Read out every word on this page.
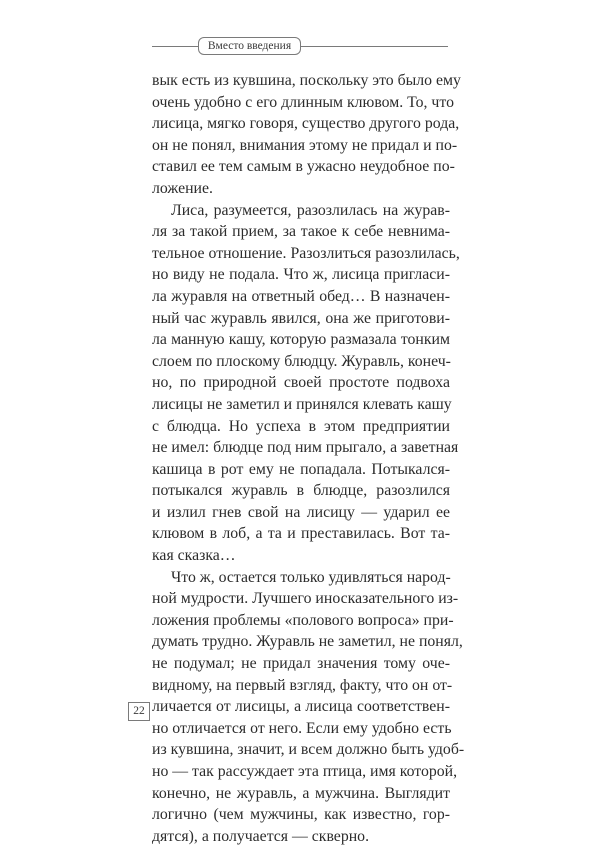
Вместо введения
вык есть из кувшина, поскольку это было ему
очень удобно с его длинным клювом. То, что
лисица, мягко говоря, существо другого рода,
он не понял, внимания этому не придал и по-
ставил ее тем самым в ужасно неудобное по-
ложение.
Лиса, разумеется, разозлилась на журав-
ля за такой прием, за такое к себе невнима-
тельное отношение. Разозлиться разозлилась,
но виду не подала. Что ж, лисица пригласи-
ла журавля на ответный обед… В назначен-
ный час журавль явился, она же приготови-
ла манную кашу, которую размазала тонким
слоем по плоскому блюдцу. Журавль, конеч-
но, по природной своей простоте подвоха
лисицы не заметил и принялся клевать кашу
с блюдца. Но успеха в этом предприятии
не имел: блюдце под ним прыгало, а заветная
кашица в рот ему не попадала. Потыкался-
потыкался журавль в блюдце, разозлился
и излил гнев свой на лисицу — ударил ее
клювом в лоб, а та и преставилась. Вот та-
кая сказка…
Что ж, остается только удивляться народ-
ной мудрости. Лучшего иносказательного из-
ложения проблемы «полового вопроса» при-
думать трудно. Журавль не заметил, не понял,
не подумал; не придал значения тому оче-
видному, на первый взгляд, факту, что он от-
личается от лисицы, а лисица соответствен-
но отличается от него. Если ему удобно есть
из кувшина, значит, и всем должно быть удоб-
но — так рассуждает эта птица, имя которой,
конечно, не журавль, а мужчина. Выглядит
логично (чем мужчины, как известно, гор-
дятся), а получается — скверно.
22
